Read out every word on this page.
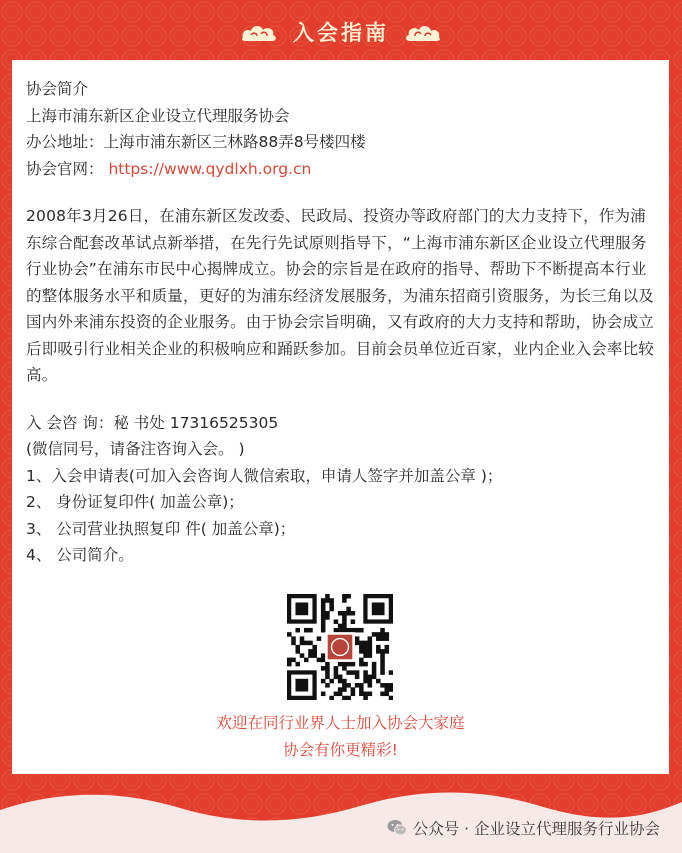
入会指南
协会简介
上海市浦东新区企业设立代理服务协会
办公地址：上海市浦东新区三林路88弄8号楼四楼
协会官网： https://www.qydlxh.org.cn
2008年3月26日，在浦东新区发改委、民政局、投资办等政府部门的大力支持下，作为浦东综合配套改革试点新举措，在先行先试原则指导下，“上海市浦东新区企业设立代理服务行业协会”在浦东市民中心揭牌成立。协会的宗旨是在政府的指导、帮助下不断提高本行业的整体服务水平和质量，更好的为浦东经济发展服务，为浦东招商引资服务，为长三角以及国内外来浦东投资的企业服务。由于协会宗旨明确，又有政府的大力支持和帮助，协会成立后即吸引行业相关企业的积极响应和踊跃参加。目前会员单位近百家，业内企业入会率比较高。
入 会咨 询：秘 书处 17316525305
(微信同号，请备注咨询入会。 )
1、入会申请表(可加入会咨询人微信索取，申请人签字并加盖公章 )；
2、 身份证复印件( 加盖公章)；
3、 公司营业执照复印 件( 加盖公章)；
4、 公司简介。
欢迎在同行业界人士加入协会大家庭
协会有你更精彩!
公众号 · 企业设立代理服务行业协会
